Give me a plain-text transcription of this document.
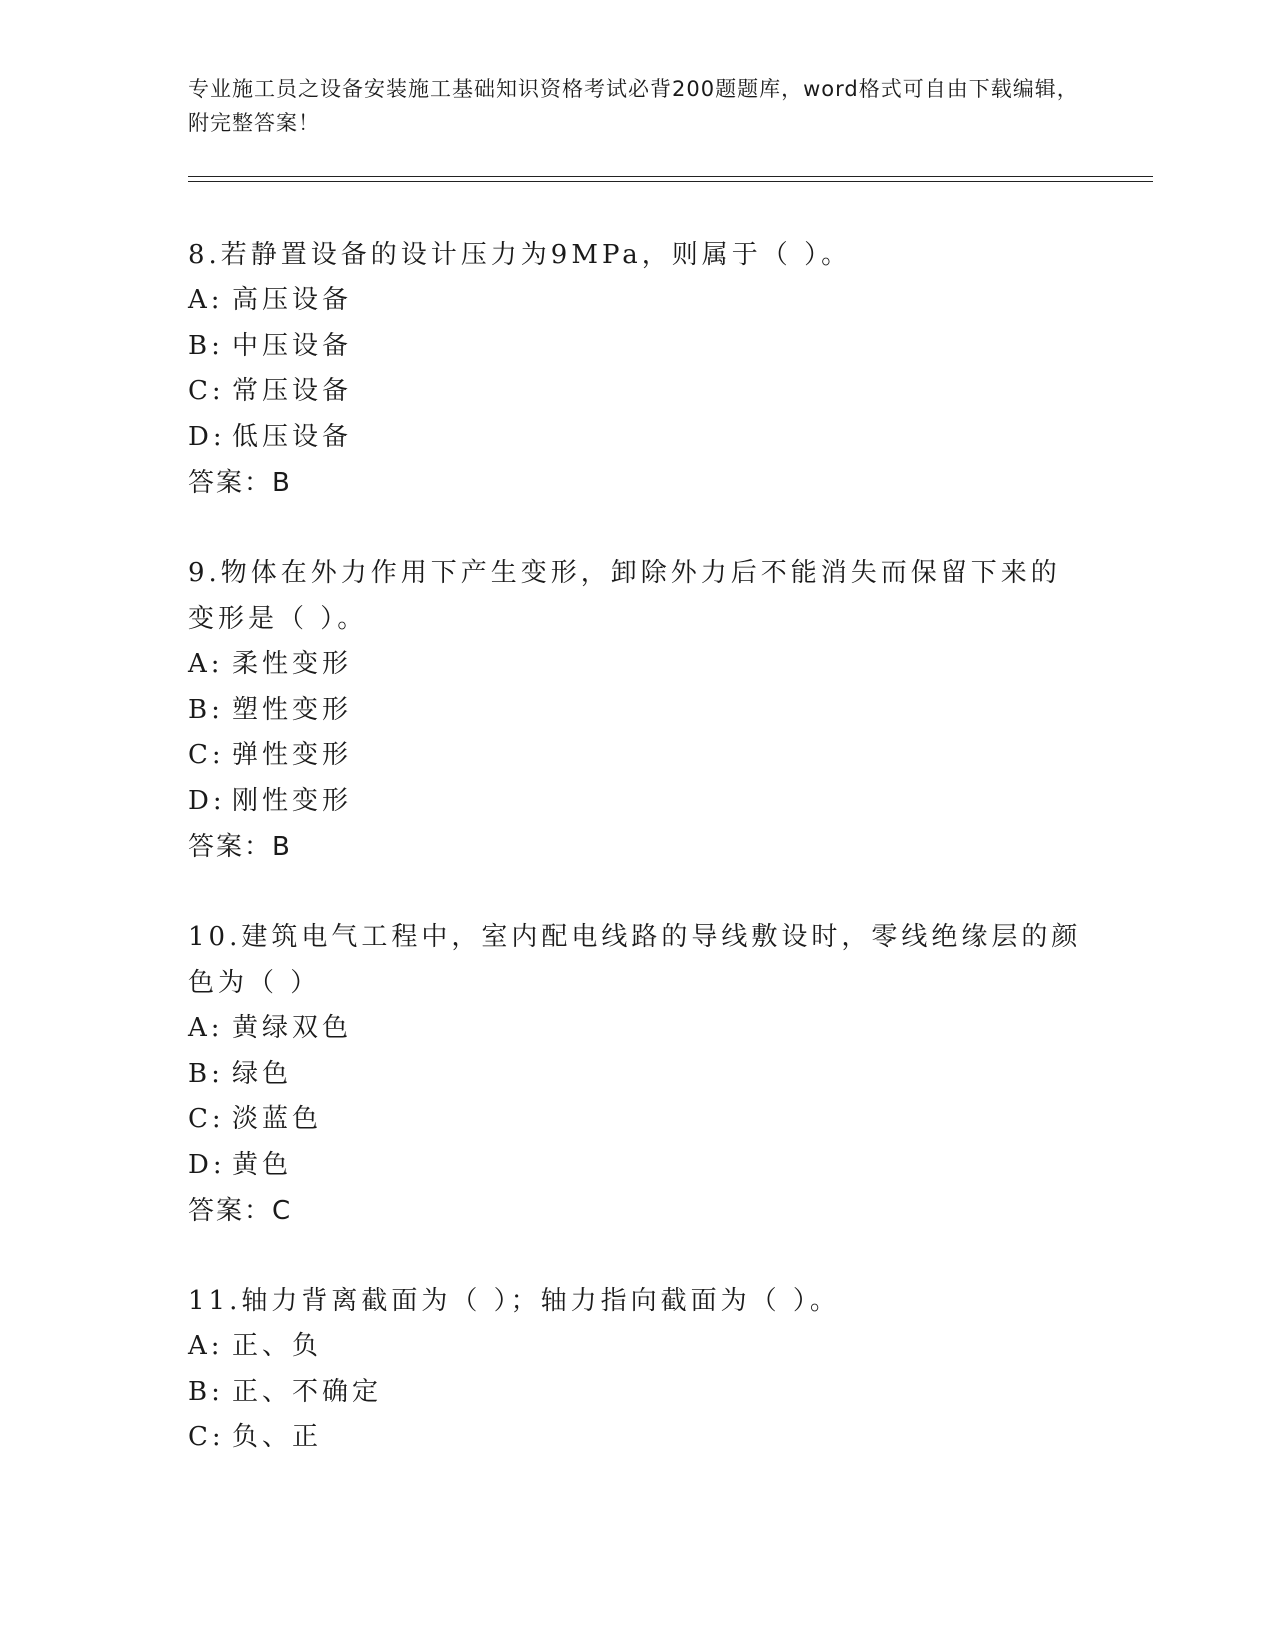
专业施工员之设备安装施工基础知识资格考试必背200题题库，word格式可自由下载编辑，附完整答案！
8.若静置设备的设计压力为9MPa，则属于（ ）。
A: 高压设备
B: 中压设备
C: 常压设备
D: 低压设备
答案：B
9.物体在外力作用下产生变形，卸除外力后不能消失而保留下来的变形是（ ）。
A: 柔性变形
B: 塑性变形
C: 弹性变形
D: 刚性变形
答案：B
10.建筑电气工程中，室内配电线路的导线敷设时，零线绝缘层的颜色为（ ）
A: 黄绿双色
B: 绿色
C: 淡蓝色
D: 黄色
答案：C
11.轴力背离截面为（ ）；轴力指向截面为（ ）。
A: 正、负
B: 正、不确定
C: 负、正
